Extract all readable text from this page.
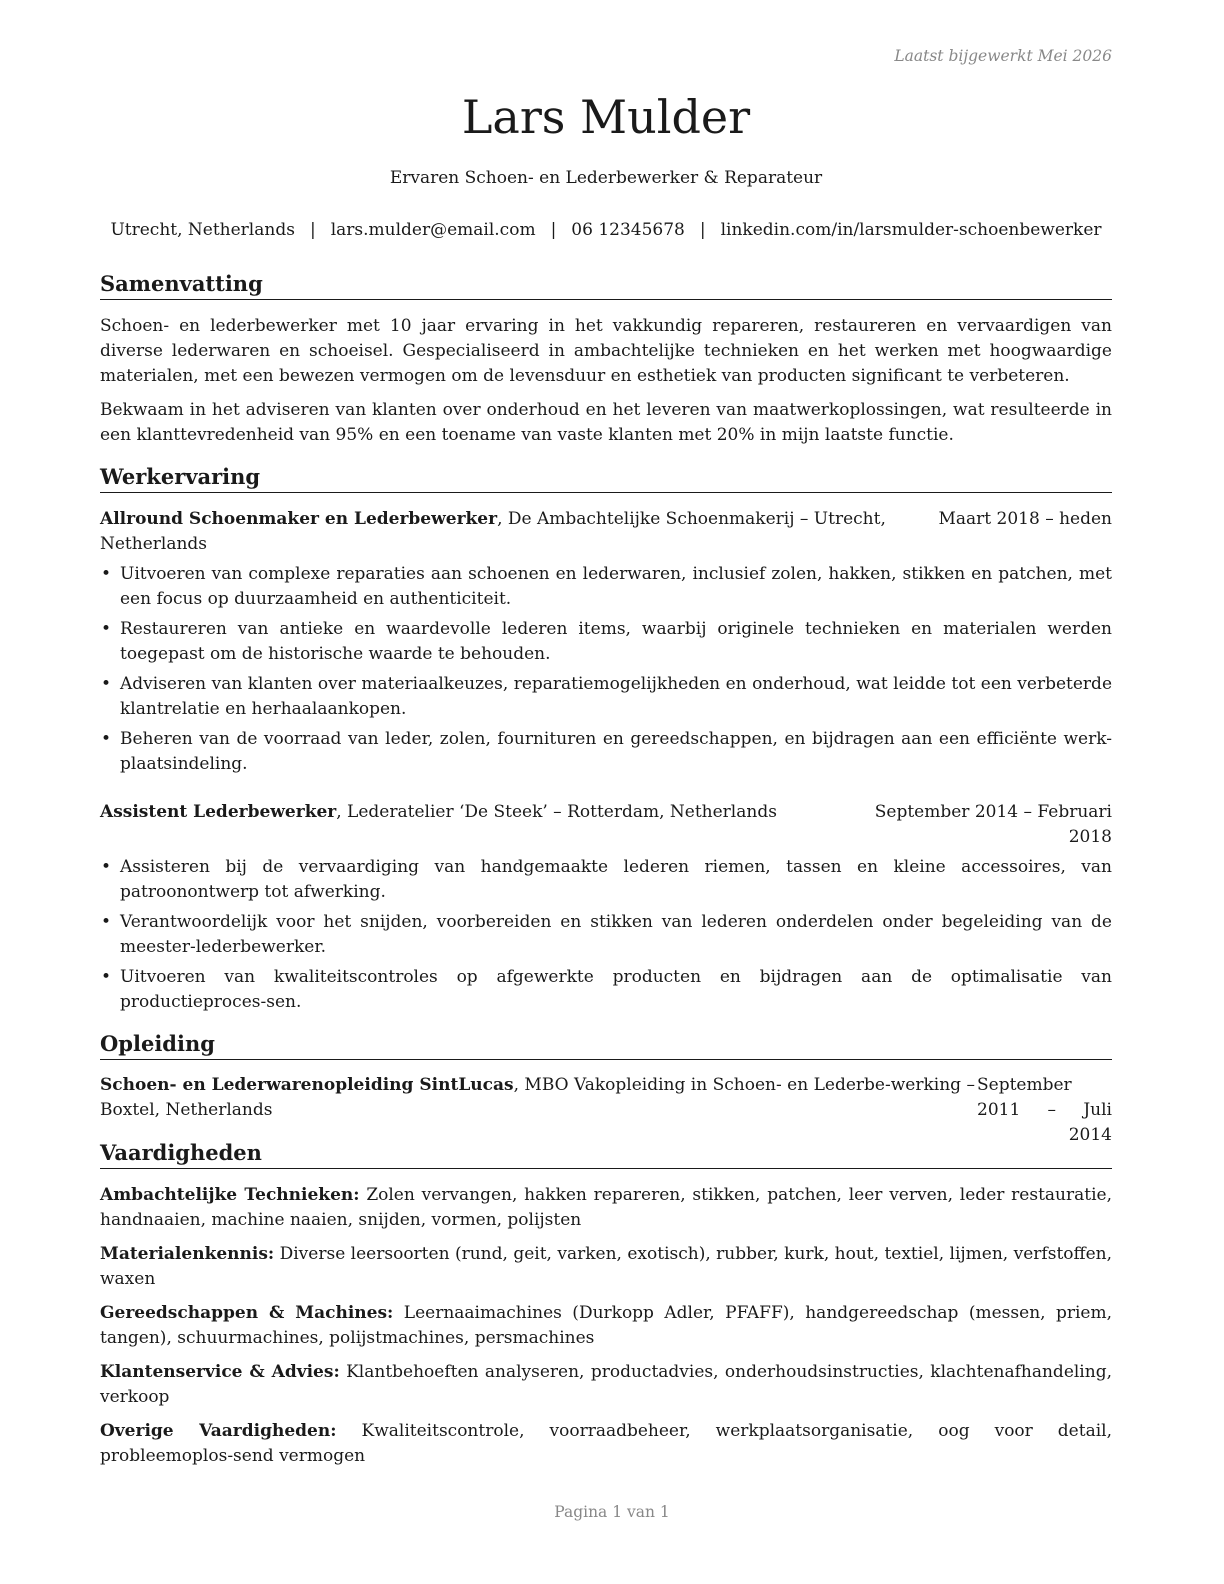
Laatst bijgewerkt Mei 2026
Lars Mulder
Ervaren Schoen- en Lederbewerker & Reparateur
Utrecht, Netherlands | lars.mulder@email.com | 06 12345678 | linkedin.com/in/larsmulder-schoenbewerker
Samenvatting

Schoen- en lederbewerker met 10 jaar ervaring in het vakkundig repareren, restaureren en vervaardigen van diverse lederwaren en schoeisel. Gespecialiseerd in ambachtelijke technieken en het werken met hoogwaardige materialen, met een bewezen vermogen om de levensduur en esthetiek van producten significant te verbeteren.

Bekwaam in het adviseren van klanten over onderhoud en het leveren van maatwerkoplossingen, wat resulteerde in een klanttevredenheid van 95% en een toename van vaste klanten met 20% in mijn laatste functie.

Werkervaring

Allround Schoenmaker en Lederbewerker, De Ambachtelijke Schoenmakerij – Utrecht, Netherlands

Maart 2018 – heden

• Uitvoeren van complexe reparaties aan schoenen en lederwaren, inclusief zolen, hakken, stikken en patchen, met een focus op duurzaamheid en authenticiteit.
• Restaureren van antieke en waardevolle lederen items, waarbij originele technieken en materialen werden toegepast om de historische waarde te behouden.
• Adviseren van klanten over materiaalkeuzes, reparatiemogelijkheden en onderhoud, wat leidde tot een verbeterde klantrelatie en herhaalaankopen.
• Beheren van de voorraad van leder, zolen, fournituren en gereedschappen, en bijdragen aan een efficiënte werk-plaatsindeling.

Assistent Lederbewerker, Lederatelier ‘De Steek’ – Rotterdam, Netherlands	September 2014 – Februari 2018

• Assisteren bij de vervaardiging van handgemaakte lederen riemen, tassen en kleine accessoires, van patroonontwerp tot afwerking.
• Verantwoordelijk voor het snijden, voorbereiden en stikken van lederen onderdelen onder begeleiding van de meester-lederbewerker.
• Uitvoeren van kwaliteitscontroles op afgewerkte producten en bijdragen aan de optimalisatie van productieproces-sen.
Opleiding

Schoen- en Lederwarenopleiding SintLucas, MBO Vakopleiding in Schoen- en Lederbe-werking – Boxtel, Netherlands

September 2011 – Juli 2014

Vaardigheden

Ambachtelijke Technieken: Zolen vervangen, hakken repareren, stikken, patchen, leer verven, leder restauratie, handnaaien, machine naaien, snijden, vormen, polijsten

Materialenkennis: Diverse leersoorten (rund, geit, varken, exotisch), rubber, kurk, hout, textiel, lijmen, verfstoffen, waxen

Gereedschappen & Machines: Leernaaimachines (Durkopp Adler, PFAFF), handgereedschap (messen, priem, tangen), schuurmachines, polijstmachines, persmachines

Klantenservice & Advies: Klantbehoeften analyseren, productadvies, onderhoudsinstructies, klachtenafhandeling, verkoop

Overige Vaardigheden: Kwaliteitscontrole, voorraadbeheer, werkplaatsorganisatie, oog voor detail, probleemoplos-send vermogen

Pagina 1 van 1
